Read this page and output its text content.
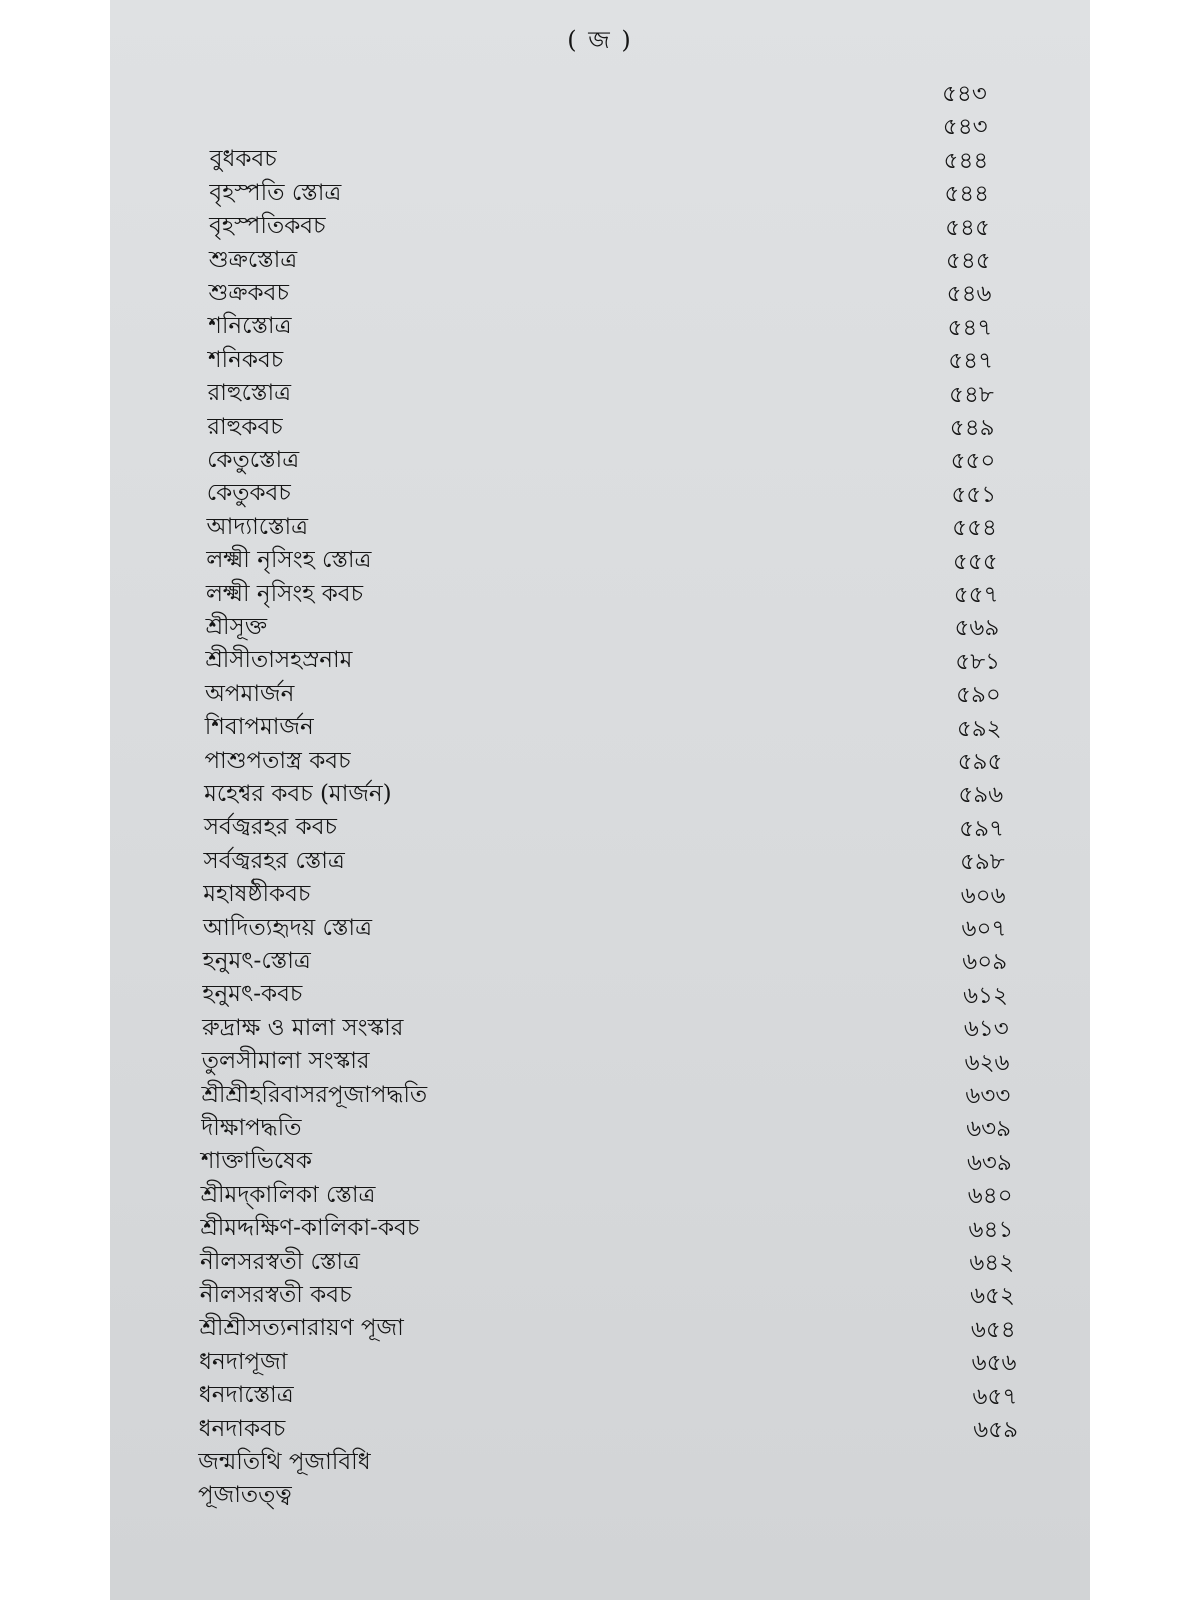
( জ )
৫৪৩
বুধকবচ
৫৪৩
বৃহস্পতি স্তোত্র
৫৪৪
বৃহস্পতিকবচ
৫৪৪
শুক্রস্তোত্র
৫৪৫
শুক্রকবচ
৫৪৫
শনিস্তোত্র
৫৪৬
শনিকবচ
৫৪৭
রাহুস্তোত্র
৫৪৭
রাহুকবচ
৫৪৮
কেতুস্তোত্র
৫৪৯
কেতুকবচ
৫৫০
আদ্যাস্তোত্র
৫৫১
লক্ষ্মী নৃসিংহ স্তোত্র
৫৫৪
লক্ষ্মী নৃসিংহ কবচ
৫৫৫
শ্রীসূক্ত
৫৫৭
শ্রীসীতাসহস্রনাম
৫৬৯
অপমার্জন
৫৮১
শিবাপমার্জন
৫৯০
পাশুপতাস্ত্র কবচ
৫৯২
মহেশ্বর কবচ (মার্জন)
৫৯৫
সর্বজ্বরহর কবচ
৫৯৬
সর্বজ্বরহর স্তোত্র
৫৯৭
মহাষষ্ঠীকবচ
৫৯৮
আদিত্যহৃদয় স্তোত্র
৬০৬
হনুমৎ-স্তোত্র
৬০৭
হনুমৎ-কবচ
৬০৯
রুদ্রাক্ষ ও মালা সংস্কার
৬১২
তুলসীমালা সংস্কার
৬১৩
শ্রীশ্রীহরিবাসরপূজাপদ্ধতি
৬২৬
দীক্ষাপদ্ধতি
৬৩৩
শাক্তাভিষেক
৬৩৯
শ্রীমদ্‌কালিকা স্তোত্র
৬৩৯
শ্রীমদ্দক্ষিণ-কালিকা-কবচ
৬৪০
নীলসরস্বতী স্তোত্র
৬৪১
নীলসরস্বতী কবচ
৬৪২
শ্রীশ্রীসত্যনারায়ণ পূজা
৬৫২
ধনদাপূজা
৬৫৪
ধনদাস্তোত্র
৬৫৬
ধনদাকবচ
৬৫৭
জন্মতিথি পূজাবিধি
৬৫৯
পূজাতত্ত্ব
